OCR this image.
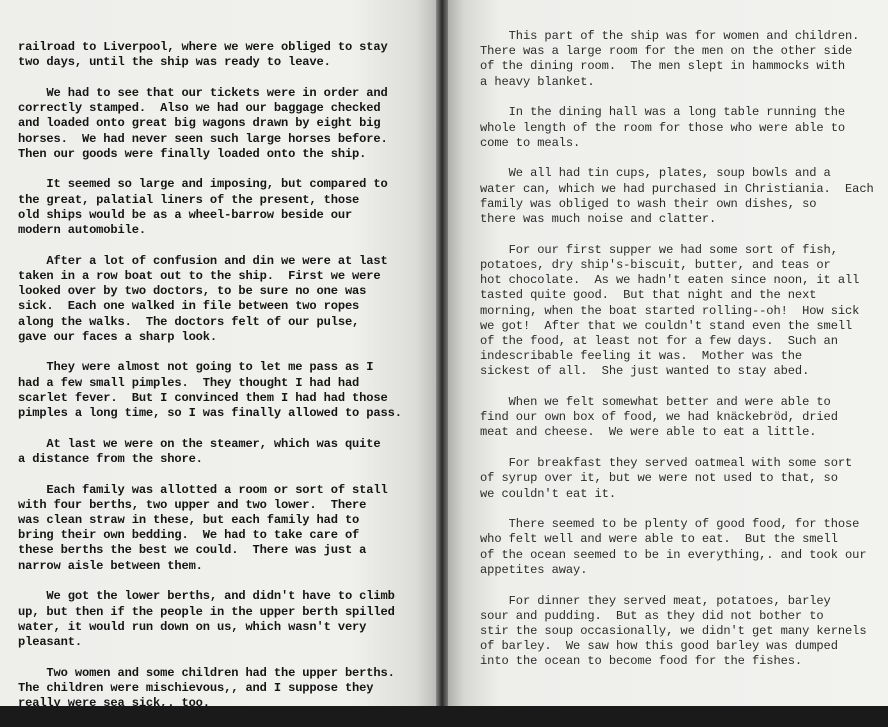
railroad to Liverpool, where we were obliged to stay
two days, until the ship was ready to leave.
We had to see that our tickets were in order and
correctly stamped.  Also we had our baggage checked
and loaded onto great big wagons drawn by eight big
horses.  We had never seen such large horses before.
Then our goods were finally loaded onto the ship.
It seemed so large and imposing, but compared to
the great, palatial liners of the present, those
old ships would be as a wheel-barrow beside our
modern automobile.
After a lot of confusion and din we were at last
taken in a row boat out to the ship.  First we were
looked over by two doctors, to be sure no one was
sick.  Each one walked in file between two ropes
along the walks.  The doctors felt of our pulse,
gave our faces a sharp look.
They were almost not going to let me pass as I
had a few small pimples.  They thought I had had
scarlet fever.  But I convinced them I had had those
pimples a long time, so I was finally allowed to pass.
At last we were on the steamer, which was quite
a distance from the shore.
Each family was allotted a room or sort of stall
with four berths, two upper and two lower.  There
was clean straw in these, but each family had to
bring their own bedding.  We had to take care of
these berths the best we could.  There was just a
narrow aisle between them.
We got the lower berths, and didn't have to climb
up, but then if the people in the upper berth spilled
water, it would run down on us, which wasn't very
pleasant.
Two women and some children had the upper berths.
The children were mischievous,, and I suppose they
really were sea sick,. too.
This part of the ship was for women and children.
There was a large room for the men on the other side
of the dining room.  The men slept in hammocks with
a heavy blanket.
In the dining hall was a long table running the
whole length of the room for those who were able to
come to meals.
We all had tin cups, plates, soup bowls and a
water can, which we had purchased in Christiania.  Each
family was obliged to wash their own dishes, so
there was much noise and clatter.
For our first supper we had some sort of fish,
potatoes, dry ship's-biscuit, butter, and teas or
hot chocolate.  As we hadn't eaten since noon, it all
tasted quite good.  But that night and the next
morning, when the boat started rolling--oh!  How sick
we got!  After that we couldn't stand even the smell
of the food, at least not for a few days.  Such an
indescribable feeling it was.  Mother was the
sickest of all.  She just wanted to stay abed.
When we felt somewhat better and were able to
find our own box of food, we had knäckebröd, dried
meat and cheese.  We were able to eat a little.
For breakfast they served oatmeal with some sort
of syrup over it, but we were not used to that, so
we couldn't eat it.
There seemed to be plenty of good food, for those
who felt well and were able to eat.  But the smell
of the ocean seemed to be in everything,. and took our
appetites away.
For dinner they served meat, potatoes, barley
sour and pudding.  But as they did not bother to
stir the soup occasionally, we didn't get many kernels
of barley.  We saw how this good barley was dumped
into the ocean to become food for the fishes.
